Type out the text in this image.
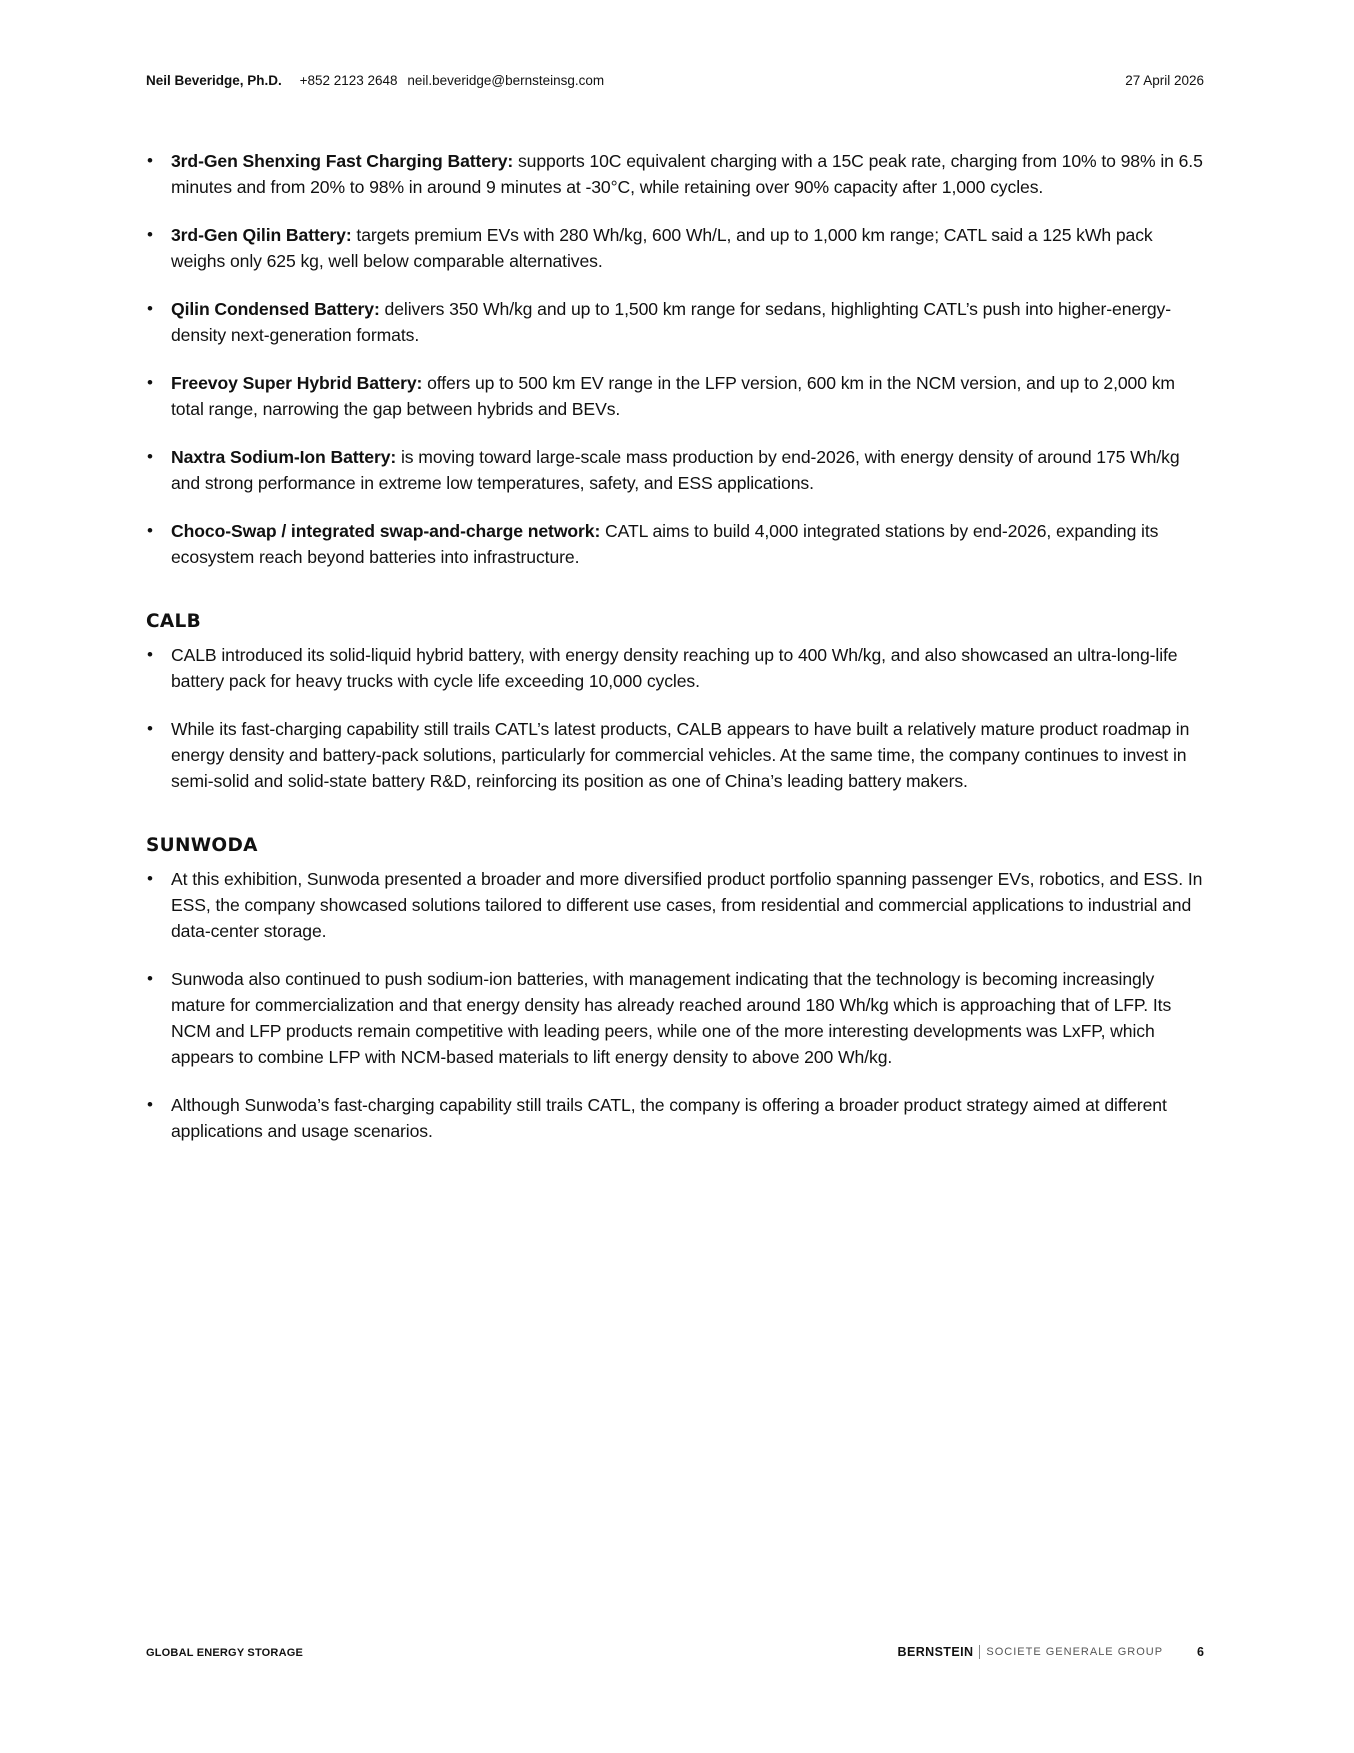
Neil Beveridge, Ph.D. +852 2123 2648 neil.beveridge@bernsteinsg.com	27 April 2026
• 3rd-Gen Shenxing Fast Charging Battery: supports 10C equivalent charging with a 15C peak rate, charging from 10% to 98% in 6.5 minutes and from 20% to 98% in around 9 minutes at -30°C, while retaining over 90% capacity after 1,000 cycles.
• 3rd-Gen Qilin Battery: targets premium EVs with 280 Wh/kg, 600 Wh/L, and up to 1,000 km range; CATL said a 125 kWh pack weighs only 625 kg, well below comparable alternatives.
• Qilin Condensed Battery: delivers 350 Wh/kg and up to 1,500 km range for sedans, highlighting CATL’s push into higher-energy-density next-generation formats.
• Freevoy Super Hybrid Battery: offers up to 500 km EV range in the LFP version, 600 km in the NCM version, and up to 2,000 km total range, narrowing the gap between hybrids and BEVs.
• Naxtra Sodium-Ion Battery: is moving toward large-scale mass production by end-2026, with energy density of around 175 Wh/kg and strong performance in extreme low temperatures, safety, and ESS applications.
• Choco-Swap / integrated swap-and-charge network: CATL aims to build 4,000 integrated stations by end-2026, expanding its ecosystem reach beyond batteries into infrastructure.
CALB
• CALB introduced its solid-liquid hybrid battery, with energy density reaching up to 400 Wh/kg, and also showcased an ultra-long-life battery pack for heavy trucks with cycle life exceeding 10,000 cycles.
• While its fast-charging capability still trails CATL’s latest products, CALB appears to have built a relatively mature product roadmap in energy density and battery-pack solutions, particularly for commercial vehicles. At the same time, the company continues to invest in semi-solid and solid-state battery R&D, reinforcing its position as one of China’s leading battery makers.
SUNWODA
• At this exhibition, Sunwoda presented a broader and more diversified product portfolio spanning passenger EVs, robotics, and ESS. In ESS, the company showcased solutions tailored to different use cases, from residential and commercial applications to industrial and data-center storage.
• Sunwoda also continued to push sodium-ion batteries, with management indicating that the technology is becoming increasingly mature for commercialization and that energy density has already reached around 180 Wh/kg which is approaching that of LFP. Its NCM and LFP products remain competitive with leading peers, while one of the more interesting developments was LxFP, which appears to combine LFP with NCM-based materials to lift energy density to above 200 Wh/kg.
• Although Sunwoda’s fast-charging capability still trails CATL, the company is offering a broader product strategy aimed at different applications and usage scenarios.
GLOBAL ENERGY STORAGE	BERNSTEIN SOCIETE GENERALE GROUP	6
